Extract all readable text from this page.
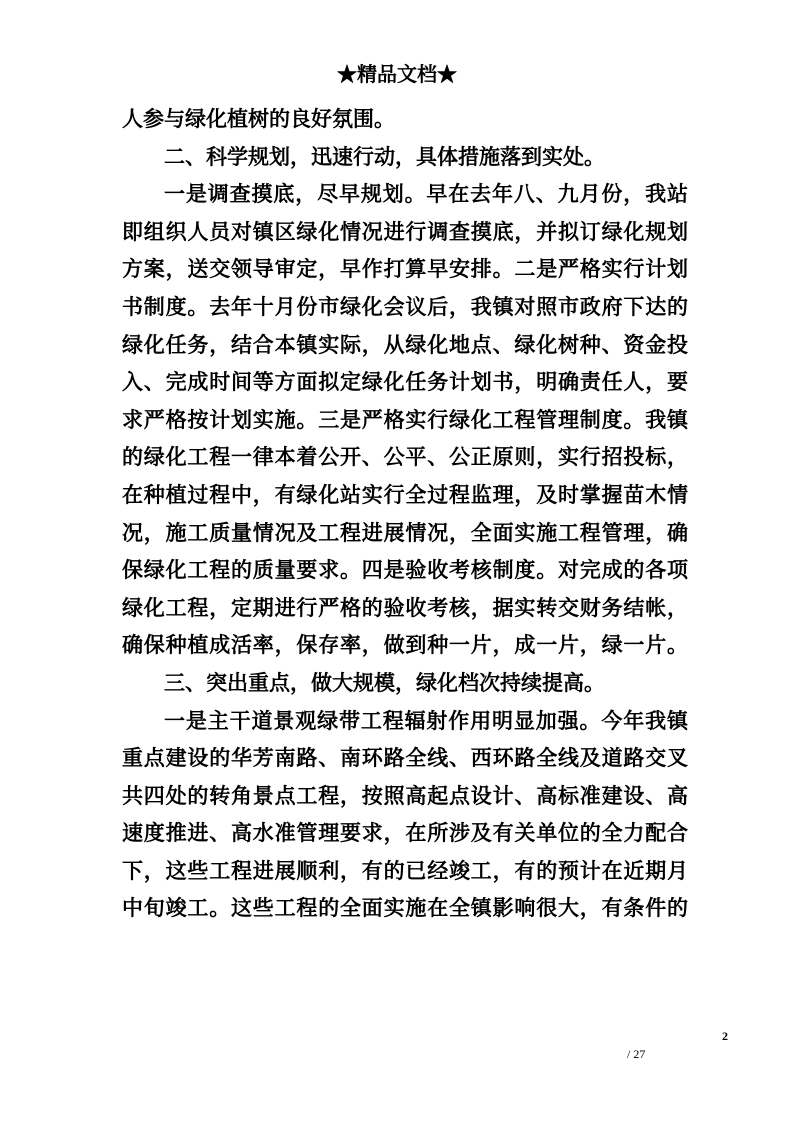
★精品文档★
人参与绿化植树的良好氛围。
二、科学规划，迅速行动，具体措施落到实处。
一是调查摸底，尽早规划。早在去年八、九月份，我站
即组织人员对镇区绿化情况进行调查摸底，并拟订绿化规划
方案，送交领导审定，早作打算早安排。二是严格实行计划
书制度。去年十月份市绿化会议后，我镇对照市政府下达的
绿化任务，结合本镇实际，从绿化地点、绿化树种、资金投
入、完成时间等方面拟定绿化任务计划书，明确责任人，要
求严格按计划实施。三是严格实行绿化工程管理制度。我镇
的绿化工程一律本着公开、公平、公正原则，实行招投标，
在种植过程中，有绿化站实行全过程监理，及时掌握苗木情
况，施工质量情况及工程进展情况，全面实施工程管理，确
保绿化工程的质量要求。四是验收考核制度。对完成的各项
绿化工程，定期进行严格的验收考核，据实转交财务结帐，
确保种植成活率，保存率，做到种一片，成一片，绿一片。
三、突出重点，做大规模，绿化档次持续提高。
一是主干道景观绿带工程辐射作用明显加强。今年我镇
重点建设的华芳南路、南环路全线、西环路全线及道路交叉
共四处的转角景点工程，按照高起点设计、高标准建设、高
速度推进、高水准管理要求，在所涉及有关单位的全力配合
下，这些工程进展顺利，有的已经竣工，有的预计在近期月
中旬竣工。这些工程的全面实施在全镇影响很大，有条件的
2
/ 27
